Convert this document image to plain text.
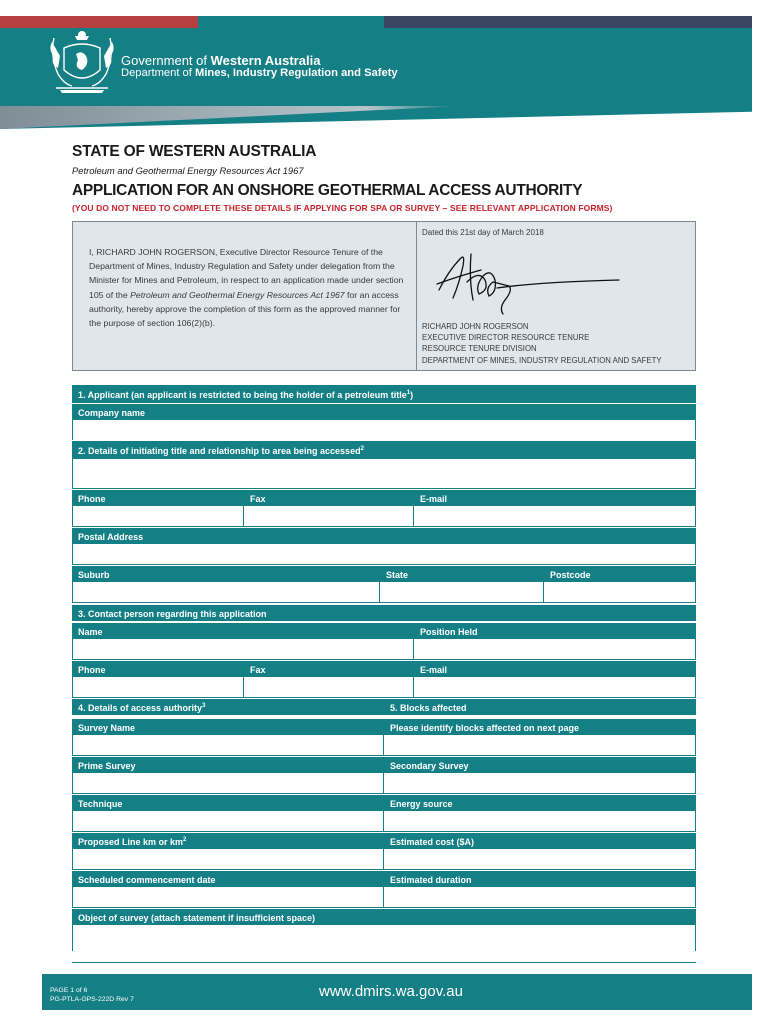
Government of Western Australia
Department of Mines, Industry Regulation and Safety
STATE OF WESTERN AUSTRALIA
Petroleum and Geothermal Energy Resources Act 1967
APPLICATION FOR AN ONSHORE GEOTHERMAL ACCESS AUTHORITY
(YOU DO NOT NEED TO COMPLETE THESE DETAILS IF APPLYING FOR SPA OR SURVEY – SEE RELEVANT APPLICATION FORMS)
I, RICHARD JOHN ROGERSON, Executive Director Resource Tenure of the Department of Mines, Industry Regulation and Safety under delegation from the Minister for Mines and Petroleum, in respect to an application made under section 105 of the Petroleum and Geothermal Energy Resources Act 1967 for an access authority, hereby approve the completion of this form as the approved manner for the purpose of section 106(2)(b).
Dated this 21st day of March 2018
RICHARD JOHN ROGERSON
EXECUTIVE DIRECTOR RESOURCE TENURE
RESOURCE TENURE DIVISION
DEPARTMENT OF MINES, INDUSTRY REGULATION AND SAFETY
1. Applicant (an applicant is restricted to being the holder of a petroleum title$^1$)
Company name
2. Details of initiating title and relationship to area being accessed$^2$
Phone	Fax	E-mail
Postal Address
Suburb	State	Postcode
3. Contact person regarding this application
Name	Position Held
Phone	Fax	E-mail
4. Details of access authority$^3$	5. Blocks affected
Survey Name	Please identify blocks affected on next page
Prime Survey	Secondary Survey
Technique	Energy source
Proposed Line km or $km^2$	Estimated cost ($A)
Scheduled commencement date	Estimated duration
Object of survey (attach statement if insufficient space)
PAGE 1 of 6
PG-PTLA-GPS-222D Rev 7	www.dmirs.wa.gov.au
